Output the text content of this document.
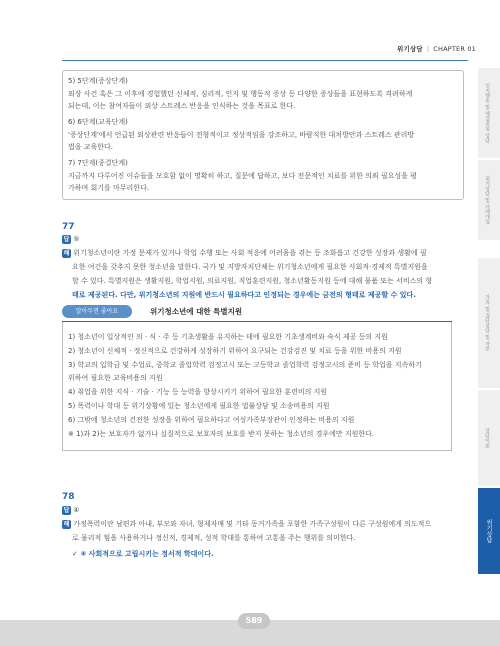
위기상담 | CHAPTER 01
인지행동 및 해결중심 상담
위기상담 및 사례개입
가족 및 집단상담 및 자문
상담이론
위기상담
5) 5단계(증상단계)
외상 사건 혹은 그 이후에 경험했던 신체적, 심리적, 인지 및 행동적 증상 등 다양한 증상들을 표현하도록 격려하게
되는데, 이는 참여자들이 외상 스트레스 반응을 인식하는 것을 목표로 한다.
6) 6단계(교육단계)
'증상단계'에서 언급된 외상관련 반응들이 전형적이고 정상적임을 강조하고, 바람직한 대처방안과 스트레스 관리방
법을 교육한다.
7) 7단계(종결단계)
지금까지 다루어진 이슈들을 모호함 없이 명확히 하고, 질문에 답하고, 보다 전문적인 치료를 위한 의뢰 필요성을 평
가하며 회기를 마무리한다.
77
답 ⑤
해 위기청소년이란 가정 문제가 있거나 학업 수행 또는 사회 적응에 어려움을 겪는 등 조화롭고 건강한 성장과 생활에 필
요한 여건을 갖추지 못한 청소년을 말한다. 국가 및 지방자치단체는 위기청소년에게 필요한 사회적·경제적 특별지원을
할 수 있다. 특별지원은 생활지원, 학업지원, 의료지원, 직업훈련지원, 청소년활동지원 등에 대해 물품 또는 서비스의 형
태로 제공된다. 다만, 위기청소년의 지원에 반드시 필요하다고 인정되는 경우에는 금전의 형태로 제공할 수 있다.
알아두면 좋아요	위기청소년에 대한 특별지원
1) 청소년이 일상적인 의 · 식 · 주 등 기초생활을 유지하는 데에 필요한 기초생계비와 숙식 제공 등의 지원
2) 청소년이 신체적 · 정신적으로 건강하게 성장하기 위하여 요구되는 건강검진 및 치료 등을 위한 비용의 지원
3) 학교의 입학금 및 수업료, 중학교 졸업학력 검정고시 또는 고등학교 졸업학력 검정고시의 준비 등 학업을 지속하기
위하여 필요한 교육비용의 지원
4) 취업을 위한 지식 · 기술 · 기능 등 능력을 향상시키기 위하여 필요한 훈련비의 지원
5) 폭력이나 학대 등 위기상황에 있는 청소년에게 필요한 법률상담 및 소송비용의 지원
6) 그밖에 청소년의 건전한 성장을 위하여 필요하다고 여성가족부장관이 인정하는 비용의 지원
※ 1)과 2)는 보호자가 없거나 실질적으로 보호자의 보호를 받지 못하는 청소년의 경우에만 지원한다.
78
답 ④
해 가정폭력이란 남편과 아내, 부모와 자녀, 형제자매 및 기타 동거가족을 포함한 가족구성원이 다른 구성원에게 의도적으
로 물리적 힘을 사용하거나 정신적, 경제적, 성적 학대를 통하여 고통을 주는 행위를 의미한다.
✓ ④ 사회적으로 고립시키는 정서적 학대이다.
589
